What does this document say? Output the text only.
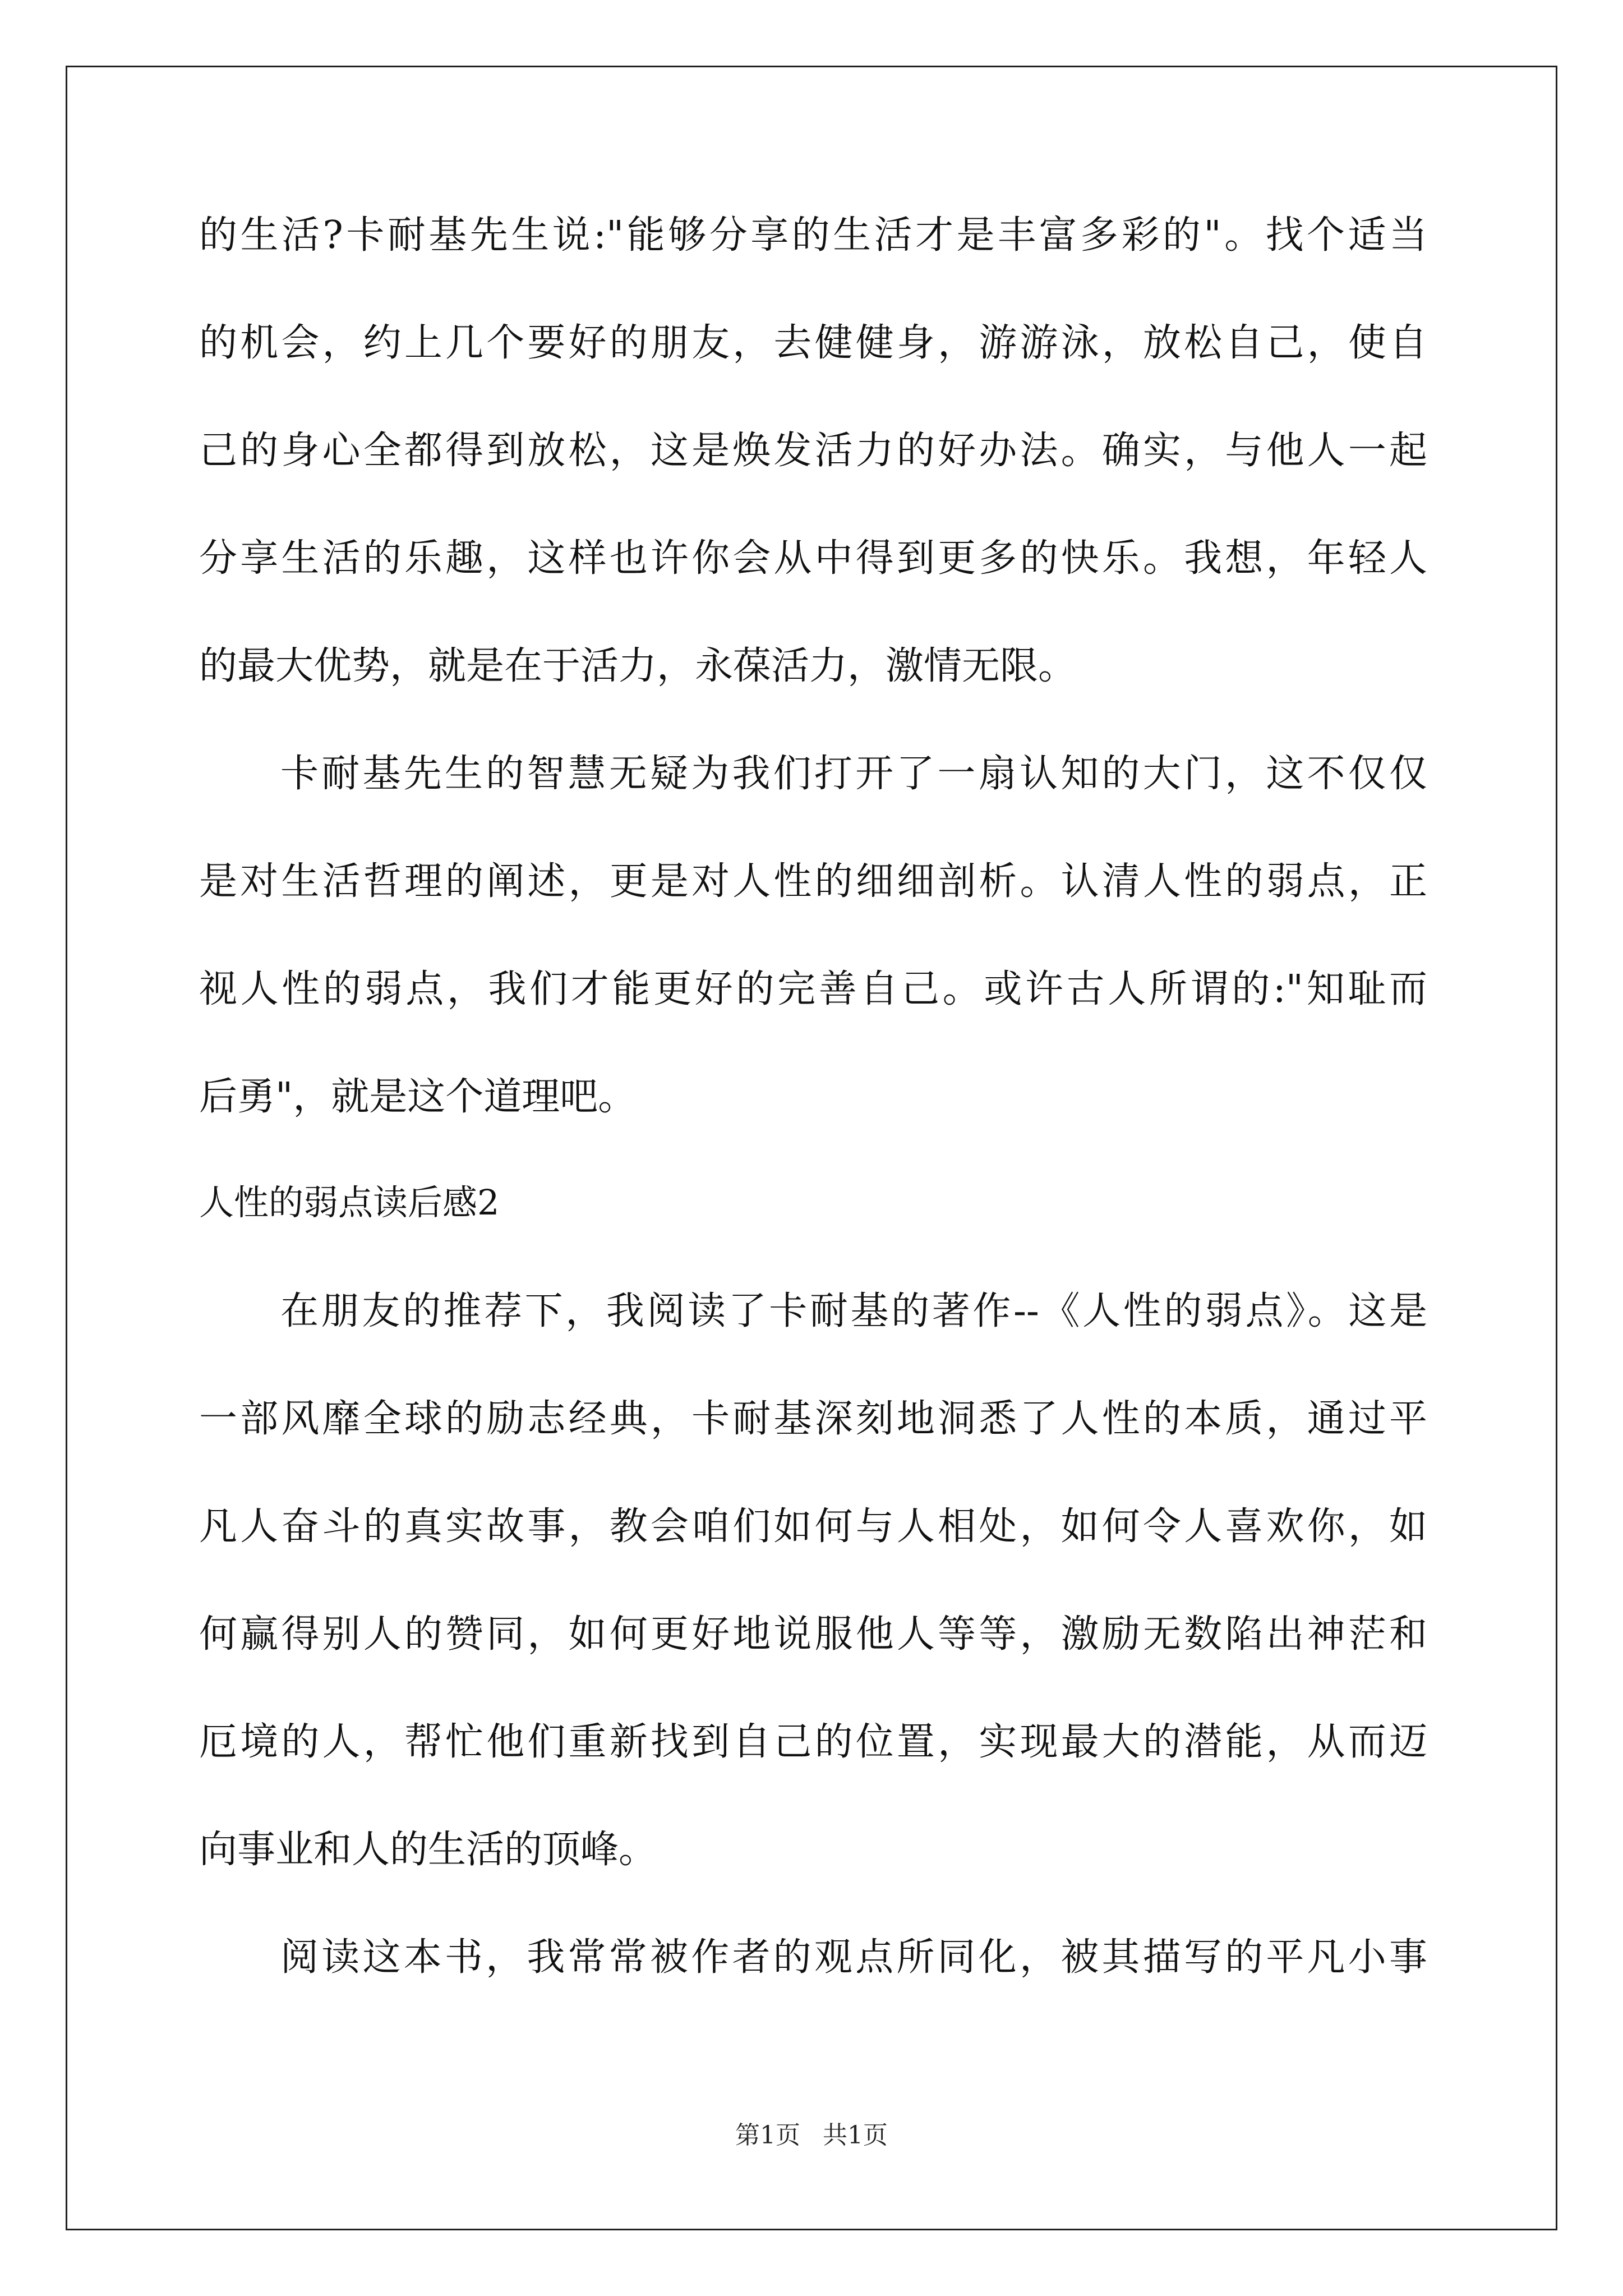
的生活?卡耐基先生说:"能够分享的生活才是丰富多彩的"。找个适当
的机会，约上几个要好的朋友，去健健身，游游泳，放松自己，使自
己的身心全都得到放松，这是焕发活力的好办法。确实，与他人一起
分享生活的乐趣，这样也许你会从中得到更多的快乐。我想，年轻人
的最大优势，就是在于活力，永葆活力，激情无限。
卡耐基先生的智慧无疑为我们打开了一扇认知的大门，这不仅仅
是对生活哲理的阐述，更是对人性的细细剖析。认清人性的弱点，正
视人性的弱点，我们才能更好的完善自己。或许古人所谓的:"知耻而
后勇"，就是这个道理吧。
人性的弱点读后感2
在朋友的推荐下，我阅读了卡耐基的著作--《人性的弱点》。这是
一部风靡全球的励志经典，卡耐基深刻地洞悉了人性的本质，通过平
凡人奋斗的真实故事，教会咱们如何与人相处，如何令人喜欢你，如
何赢得别人的赞同，如何更好地说服他人等等，激励无数陷出神茫和
厄境的人，帮忙他们重新找到自己的位置，实现最大的潜能，从而迈
向事业和人的生活的顶峰。
阅读这本书，我常常被作者的观点所同化，被其描写的平凡小事
第1页 共1页
